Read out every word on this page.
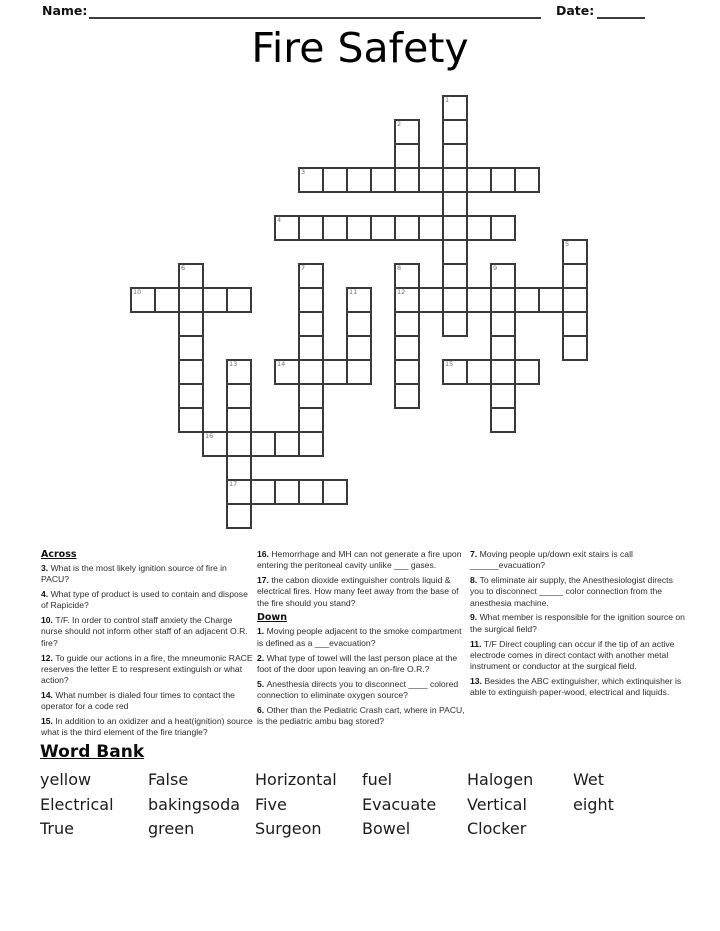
Name:	Date:
Fire Safety
1
2
3
4
5
6	7	8
12
9
10	11
13
17
14	15
16
Across

3. What is the most likely ignition source of fire in PACU?

4. What type of product is used to contain and dispose of Rapicide?

10. T/F. In order to control staff anxiety the Charge nurse should not inform other staff of an adjacent O.R. fire?

12. To guide our actions in a fire, the mneumonic RACE reserves the letter E to respresent extinguish or what action?

14. What number is dialed four times to contact the operator for a code red

15. In addition to an oxidizer and a heat(ignition) source what is the third element of the fire triangle?

16. Hemorrhage and MH can not generate a fire upon entering the peritoneal cavity unlike ___ gases.

17. the cabon dioxide extinguisher controls liquid & electrical fires. How many feet away from the base of the fire should you stand?

Down

1. Moving people adjacent to the smoke compartment is defined as a ___evacuation?

2. What type of towel will the last person place at the foot of the door upon leaving an on-fire O.R.?

5. Anesthesia directs you to disconnect ____ colored connection to eliminate oxygen source?

6. Other than the Pediatric Crash cart, where in PACU, is the pediatric ambu bag stored?

7. Moving people up/down exit stairs is call ______evacuation?

8. To eliminate air supply, the Anesthesiologist directs you to disconnect _____ color connection from the anesthesia machine.

9. What member is responsible for the ignition source on the surgical field?

11. T/F Direct coupling can occur if the tip of an active electrode comes in direct contact with another metal instrument or conductor at the surgical field.

13. Besides the ABC extinguisher, which extinquisher is able to extinguish paper-wood, electrical and liquids.

Word Bank
yellow	False	Horizontal	fuel	Halogen	Wet
Electrical	bakingsoda Five	Evacuate	Vertical	eight
True	green	Surgeon	Bowel	Clocker
